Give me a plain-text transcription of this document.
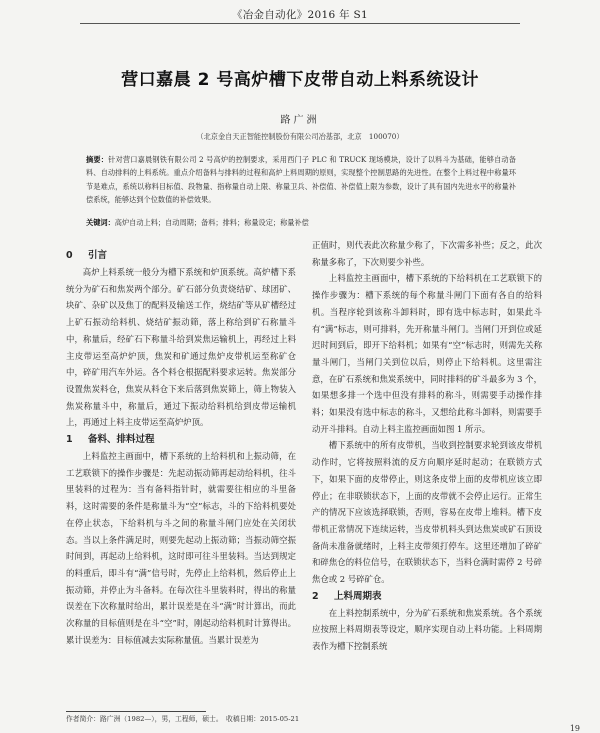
《冶金自动化》2016 年 S1
营口嘉晨 2 号高炉槽下皮带自动上料系统设计
路广洲
（北京金自天正智能控制股份有限公司冶基部，北京　100070）
摘要：针对营口嘉晨钢铁有限公司 2 号高炉的控制要求，采用西门子 PLC 和 TRUCK 现场模块，设计了以料斗为基础，能够自动备料、自动排料的上料系统。重点介绍备料与排料的过程和高炉上料周期的原则，实现整个控制思路的先进性。在整个上料过程中称量环节是难点，系统以称料目标值、段物量、指称量自动上限、称量卫兵、补偿值、补偿值上限为参数，设计了具有国内先进水平的称量补偿系统，能够达到个位数值的补偿效果。
关键词：高炉自动上料；自动周期；备料；排料；称量设定；称量补偿
0 引言

高炉上料系统一般分为槽下系统和炉顶系统。高炉槽下系统分为矿石和焦炭两个部分。矿石部分负责烧结矿、球团矿、块矿、杂矿以及焦丁的配料及输送工作，烧结矿等从矿槽经过上矿石振动给料机、烧结矿振动筛，落上称给到矿石称量斗中，称量后，经矿石下称量斗给到炭焦运输机上，再经过上料主皮带运至高炉炉顶，焦炭和矿通过焦炉皮带机运至称矿仓中，碎矿用汽车外运。各个料仓根据配料要求运转。焦炭部分设置焦炭料仓，焦炭从料仓下来后落到焦炭筛上，筛上物装入焦炭称量斗中，称量后，通过下振动给料机给到皮带运输机上，再通过上料主皮带运至高炉炉顶。

1 备料、排料过程

上料监控主画面中，槽下系统的上给料机和上振动筛，在工艺联锁下的操作步骤是：先起动振动筛再起动给料机，往斗里装料的过程为：当有备料指针时，就需要往相应的斗里备料，这时需要的条件是称量斗为“空”标志，斗的下给料机要处在停止状态，下给料机与斗之间的称量斗闸门应处在关闭状态。当以上条件满足时，则要先起动上振动筛；当振动筛空振时间到，再起动上给料机，这时即可往斗里装料。当达到规定的料重后，即斗有“满”信号时，先停止上给料机，然后停止上振动筛，并停止为斗备料。在每次往斗里装料时，得出的称量误差在下次称量时给出，累计误差是在斗“满”时计算出，而此次称量的目标值则是在斗“空”时，刚起动给料机时计算得出。累计误差为：目标值减去实际称量值。当累计误差为

正值时，则代表此次称量少称了，下次需多补些；反之，此次称量多称了，下次则要少补些。

上料监控主画面中，槽下系统的下给料机在工艺联锁下的操作步骤为：槽下系统的每个称量斗闸门下面有各自的给料机。当程序轮到该称斗卸料时，即有选中标志时，如果此斗有“满”标志，则可排料，先开称量斗闸门。当闸门开到位或延迟时间到后，即开下给料机；如果有“空”标志时，则需先关称量斗闸门，当闸门关到位以后，则停止下给料机。这里需注意，在矿石系统和焦炭系统中，同时排料的矿斗最多为 3 个，如果想多排一个选中但没有排料的称斗，则需要手动操作排料；如果没有选中标志的称斗，又想给此称斗卸料，则需要手动开斗排料。自动上料主监控画面如图 1 所示。

槽下系统中的所有皮带机，当收到控制要求轮到该皮带机动作时，它将按照料流的反方向顺序延时起动；在联锁方式下，如果下面的皮带停止，则这条皮带上面的皮带机应该立即停止；在非联锁状态下，上面的皮带就不会停止运行。正常生产的情况下应该选择联锁，否则，容易在皮带上堆料。槽下皮带机正常情况下连续运转，当皮带机料头到达焦炭或矿石顶设备尚未准备就绪时，上料主皮带须打停车。这里还增加了碎矿和碎焦仓的料位信号，在联锁状态下，当料仓满时需停 2 号碎焦仓或 2 号碎矿仓。

2 上料周期表

在上料控制系统中，分为矿石系统和焦炭系统。各个系统应按照上料周期表等设定，顺序实现自动上料功能。上料周期表作为槽下控制系统

作者简介：路广洲（1982—），男，工程师，硕士。　收稿日期：2015-05-21
19
